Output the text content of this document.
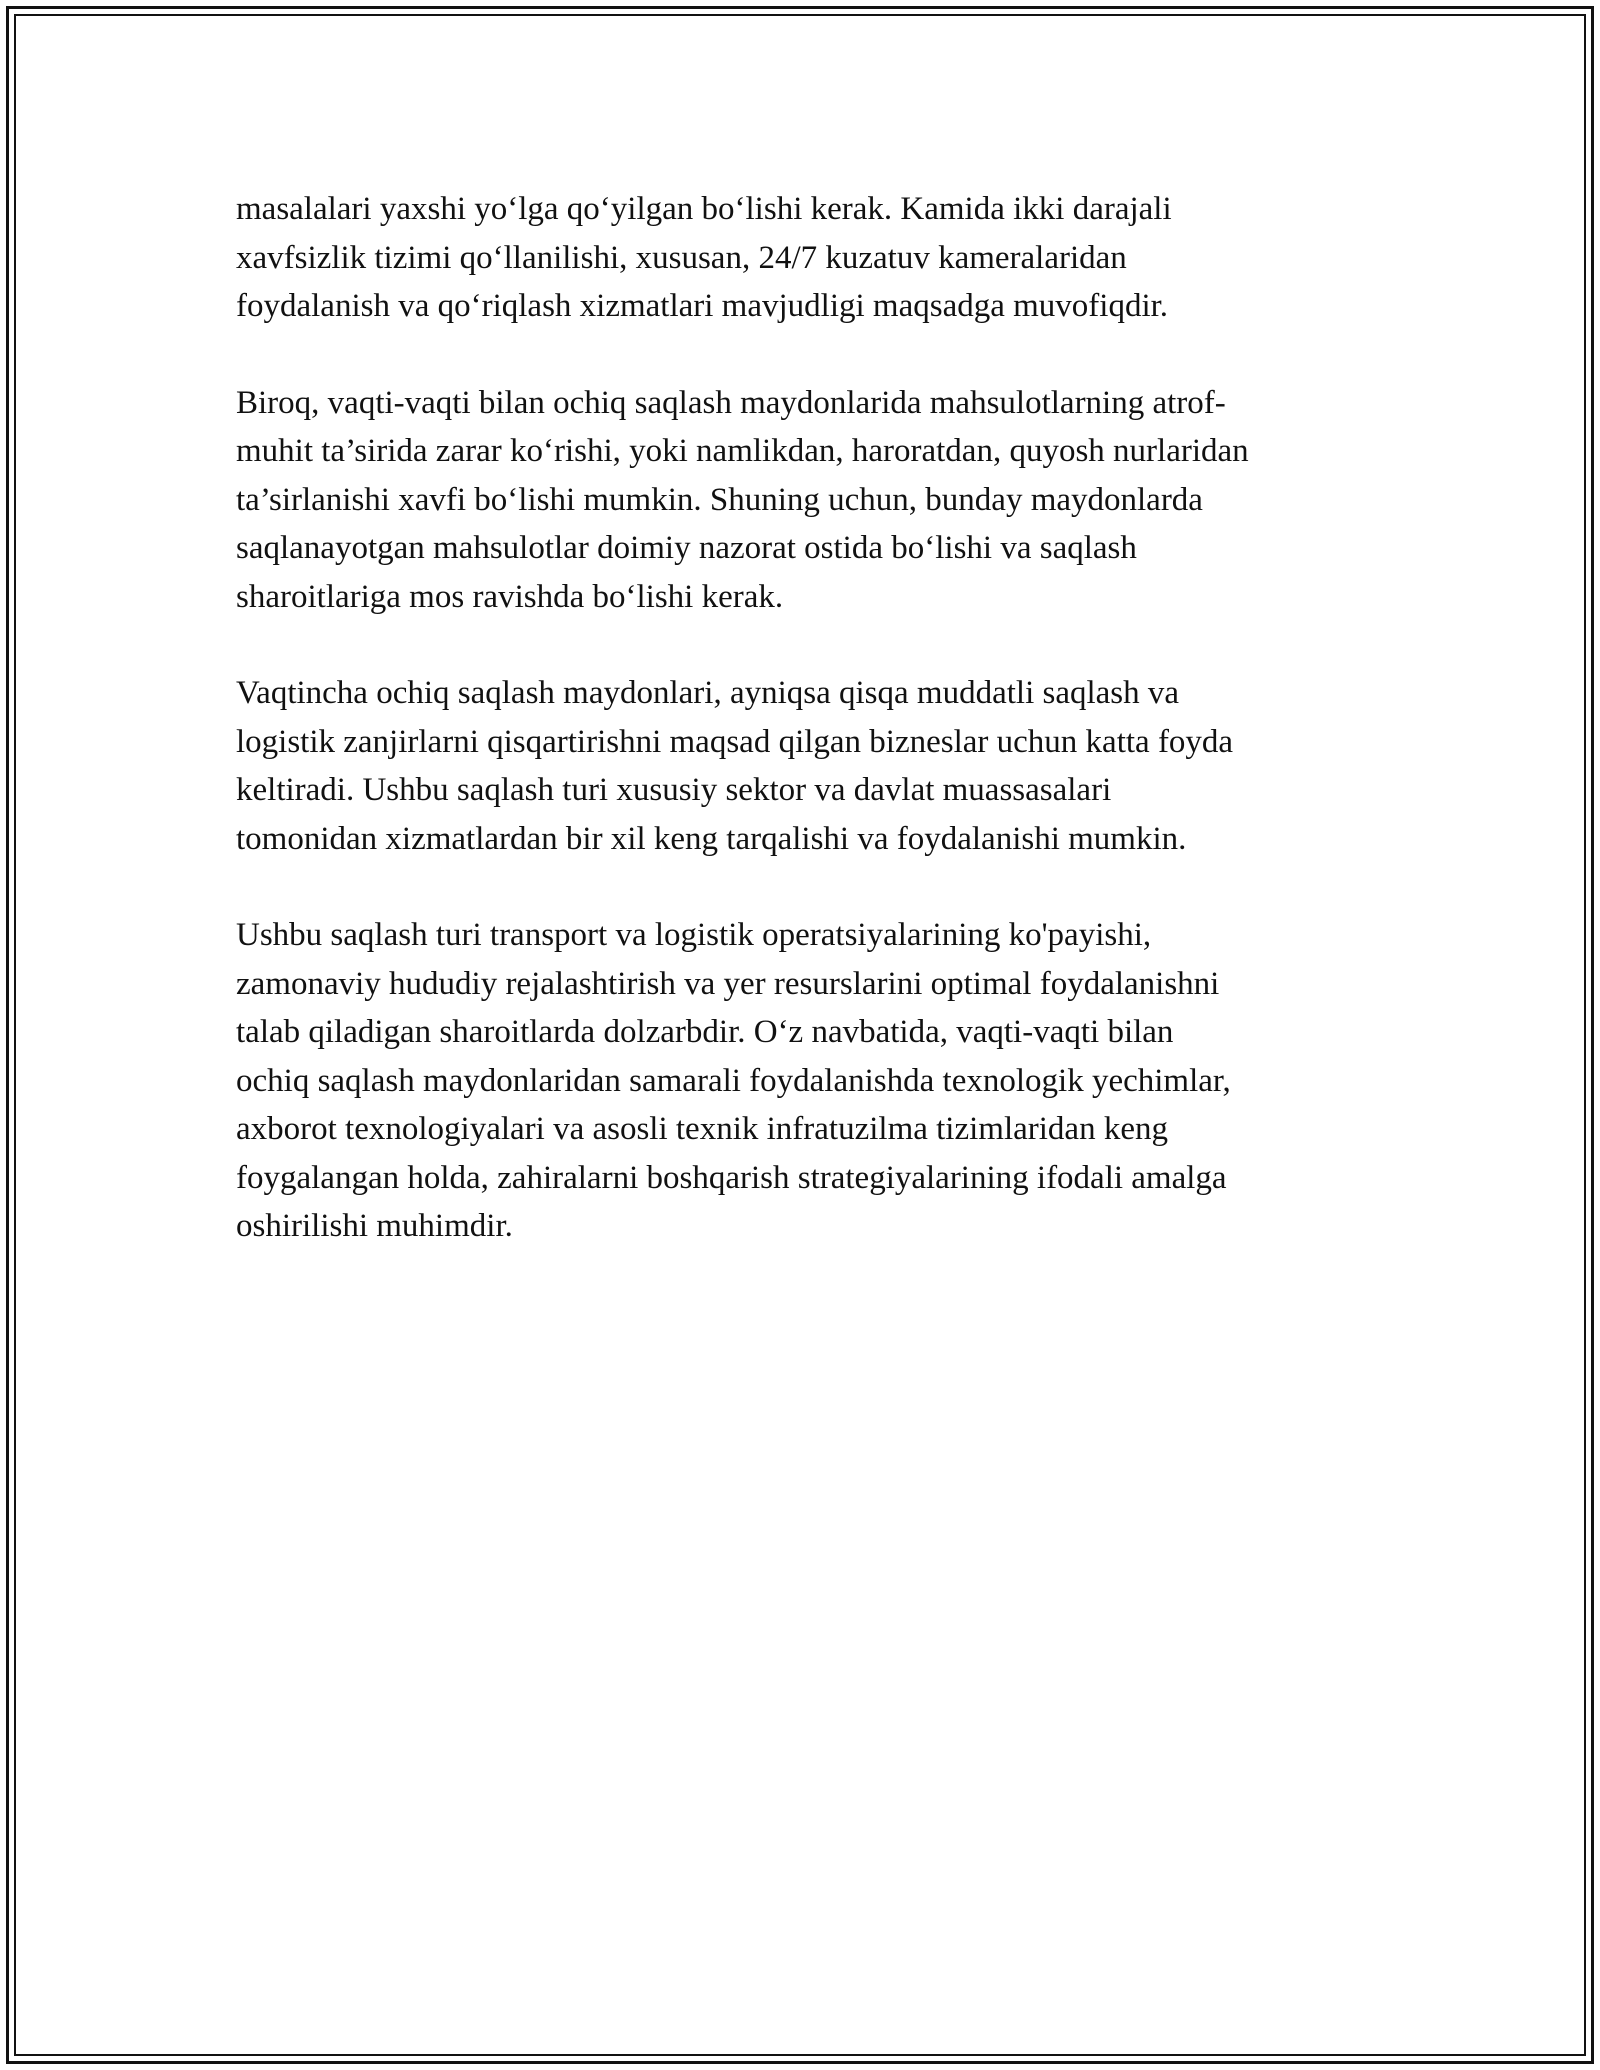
masalalari yaxshi yo‘lga qo‘yilgan bo‘lishi kerak. Kamida ikki darajali
xavfsizlik tizimi qo‘llanilishi, xususan, 24/7 kuzatuv kameralaridan
foydalanish va qo‘riqlash xizmatlari mavjudligi maqsadga muvofiqdir.

Biroq, vaqti-vaqti bilan ochiq saqlash maydonlarida mahsulotlarning atrof-
muhit ta’sirida zarar ko‘rishi, yoki namlikdan, haroratdan, quyosh nurlaridan
ta’sirlanishi xavfi bo‘lishi mumkin. Shuning uchun, bunday maydonlarda
saqlanayotgan mahsulotlar doimiy nazorat ostida bo‘lishi va saqlash
sharoitlariga mos ravishda bo‘lishi kerak.

Vaqtincha ochiq saqlash maydonlari, ayniqsa qisqa muddatli saqlash va
logistik zanjirlarni qisqartirishni maqsad qilgan biznеslar uchun katta foyda
keltiradi. Ushbu saqlash turi xususiy sektor va davlat muassasalari
tomonidan xizmatlardan bir xil keng tarqalishi va foydalanishi mumkin.

Ushbu saqlash turi transport va logistik operatsiyalarining ko'payishi,
zamonaviy hududiy rejalashtirish va yer resurslarini optimal foydalanishni
talab qiladigan sharoitlarda dolzarbdir. O‘z navbatida, vaqti-vaqti bilan
ochiq saqlash maydonlaridan samarali foydalanishda texnologik yechimlar,
axborot texnologiyalari va asosli texnik infratuzilma tizimlaridan keng
foygalangan holda, zahiralarni boshqarish strategiyalarining ifodali amalga
oshirilishi muhimdir.
